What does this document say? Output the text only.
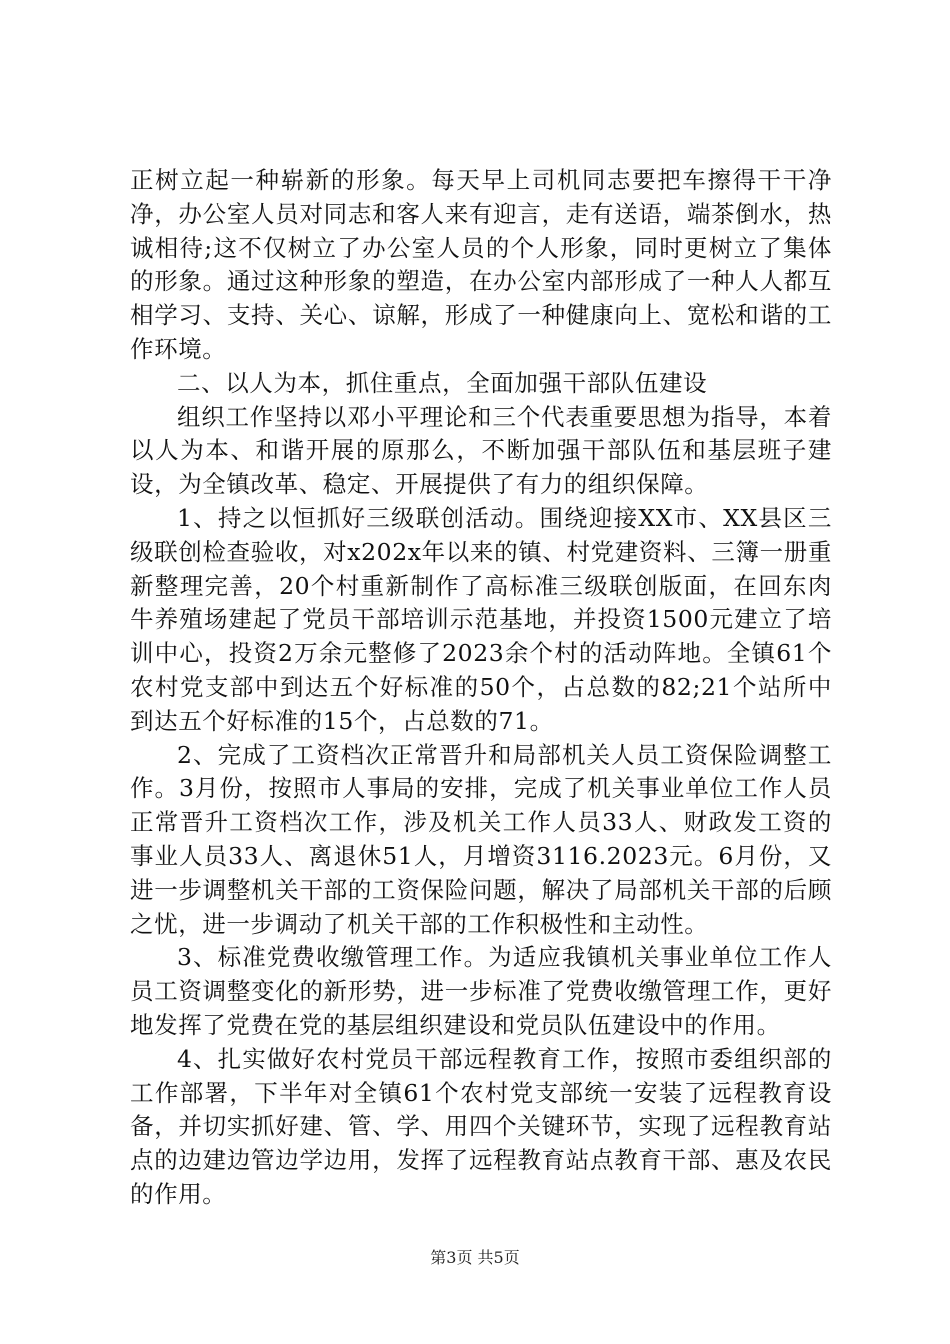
正树立起一种崭新的形象。每天早上司机同志要把车擦得干干净净，办公室人员对同志和客人来有迎言，走有送语，端茶倒水，热诚相待;这不仅树立了办公室人员的个人形象，同时更树立了集体的形象。通过这种形象的塑造，在办公室内部形成了一种人人都互相学习、支持、关心、谅解，形成了一种健康向上、宽松和谐的工作环境。

二、以人为本，抓住重点，全面加强干部队伍建设

组织工作坚持以邓小平理论和三个代表重要思想为指导，本着以人为本、和谐开展的原那么，不断加强干部队伍和基层班子建设，为全镇改革、稳定、开展提供了有力的组织保障。

1、持之以恒抓好三级联创活动。围绕迎接XX市、XX县区三级联创检查验收，对x202x年以来的镇、村党建资料、三簿一册重新整理完善，20个村重新制作了高标准三级联创版面，在回东肉牛养殖场建起了党员干部培训示范基地，并投资1500元建立了培训中心，投资2万余元整修了2023余个村的活动阵地。全镇61个农村党支部中到达五个好标准的50个，占总数的82;21个站所中到达五个好标准的15个，占总数的71。

2、完成了工资档次正常晋升和局部机关人员工资保险调整工作。3月份，按照市人事局的安排，完成了机关事业单位工作人员正常晋升工资档次工作，涉及机关工作人员33人、财政发工资的事业人员33人、离退休51人，月增资3116.2023元。6月份，又进一步调整机关干部的工资保险问题，解决了局部机关干部的后顾之忧，进一步调动了机关干部的工作积极性和主动性。

3、标准党费收缴管理工作。为适应我镇机关事业单位工作人员工资调整变化的新形势，进一步标准了党费收缴管理工作，更好地发挥了党费在党的基层组织建设和党员队伍建设中的作用。

4、扎实做好农村党员干部远程教育工作，按照市委组织部的工作部署，下半年对全镇61个农村党支部统一安装了远程教育设备，并切实抓好建、管、学、用四个关键环节，实现了远程教育站点的边建边管边学边用，发挥了远程教育站点教育干部、惠及农民的作用。

第3页 共5页
